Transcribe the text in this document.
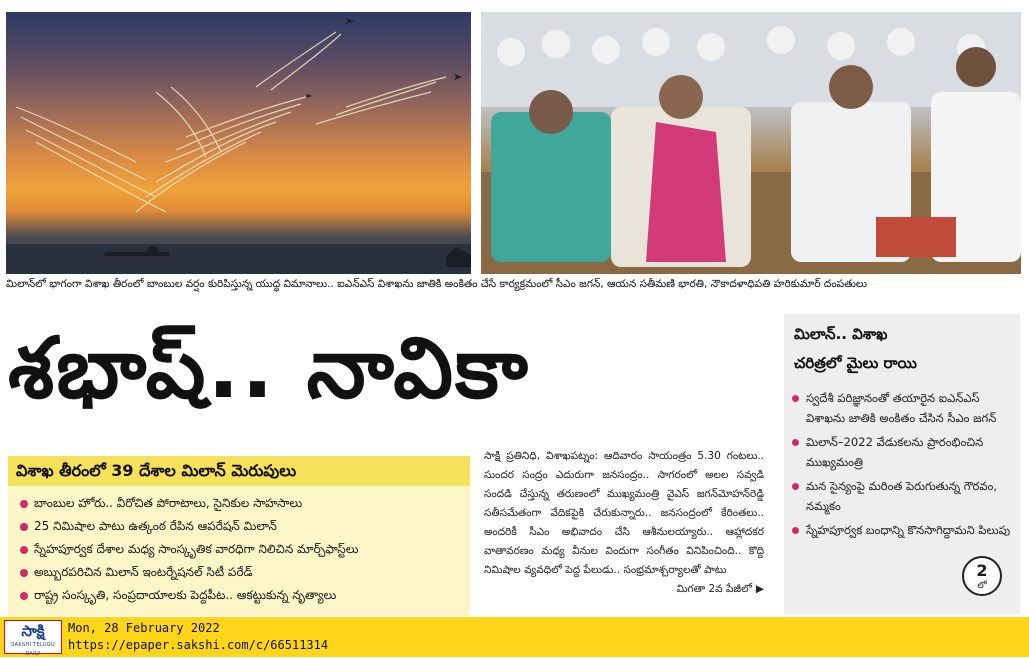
మిలాన్‌లో భాగంగా విశాఖ తీరంలో బాంబుల వర్షం కురిపిస్తున్న యుద్ధ విమానాలు.. ఐఎన్‌ఎస్ విశాఖను జాతికి అంకితం చేసే కార్యక్రమంలో సీఎం జగన్, ఆయన సతీమణి భారతి, నౌకాదళాధిపతి హరికుమార్ దంపతులు
శభాష్.. నావికా	మిలాన్.. విశాఖ
చరిత్రలో మైలు రాయి
స్వదేశీ పరిజ్ఞానంతో తయారైన ఐఎన్‌ఎస్ విశాఖను జాతికి అంకితం చేసిన సీఎం జగన్
మిలాన్–2022 వేడుకలను ప్రారంభించిన ముఖ్యమంత్రి
మన సైన్యంపై మరింత పెరుగుతున్న గౌరవం, నమ్మకం
స్నేహపూర్వక బంధాన్ని కొనసాగిద్దామని పిలుపు
2
లో
విశాఖ తీరంలో 39 దేశాల మిలాన్ మెరుపులు
బాంబుల హోరు.. వీరోచిత పోరాటాలు, సైనికుల సాహసాలు
25 నిమిషాల పాటు ఉత్కంఠ రేపిన ఆపరేషన్ మిలాన్
స్నేహపూర్వక దేశాల మధ్య సాంస్కృతిక వారధిగా నిలిచిన మార్చ్‌ఫాస్ట్‌లు
అబ్బురపరిచిన మిలాన్ ఇంటర్నేషనల్ సిటీ పరేడ్
రాష్ట్ర సంస్కృతి, సంప్రదాయాలకు పెద్దపీట.. ఆకట్టుకున్న నృత్యాలు
సాక్షి ప్రతినిధి, విశాఖపట్నం: ఆదివారం సాయంత్రం 5.30 గంటలు.. సుందర సంద్రం ఎదురుగా జనసంద్రం.. సాగరంలో అలల సవ్వడి సందడి చేస్తున్న తరుణంలో ముఖ్యమంత్రి వైఎస్ జగన్‌మోహన్‌రెడ్డి సతీసమేతంగా వేదికపైకి చేరుకున్నారు.. జనసంద్రంలో కేరింతలు.. అందరికీ సీఎం అభివాదం చేసి ఆశీనులయ్యారు.. ఆహ్లాదకర వాతావరణం మధ్య వీనుల విందుగా సంగీతం వినిపించింది.. కొద్ది నిమిషాల వ్యవధిలో పెద్ద పేలుడు.. సంభ్రమాశ్చర్యాలతో పాటు
మిగతా 2వ పేజీలో ▶
సాక్షి
SAKSHI TELUGU DAILY
Mon, 28 February 2022
https://epaper.sakshi.com/c/66511314
